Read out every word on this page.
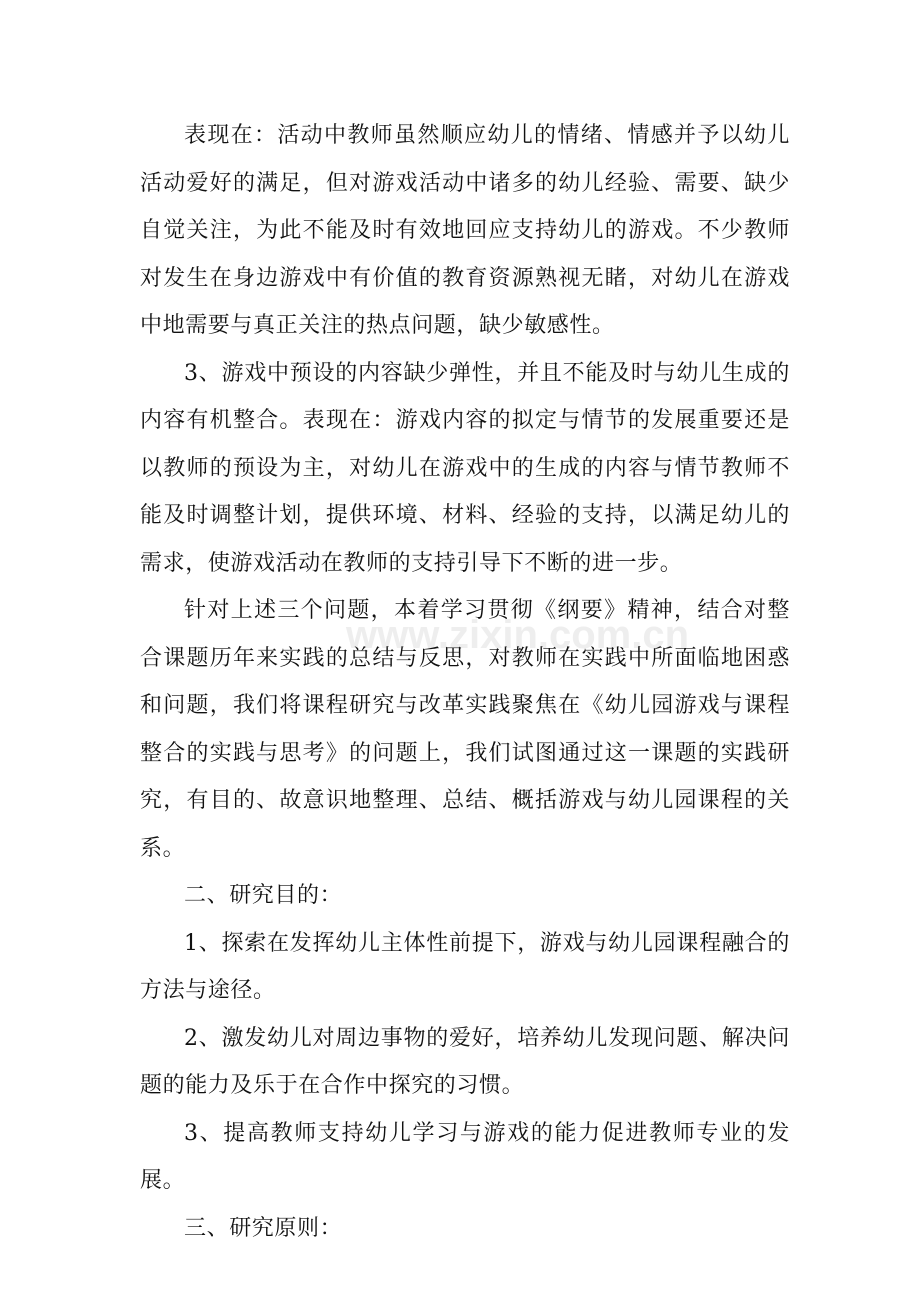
表现在：活动中教师虽然顺应幼儿的情绪、情感并予以幼儿活动爱好的满足，但对游戏活动中诸多的幼儿经验、需要、缺少自觉关注，为此不能及时有效地回应支持幼儿的游戏。不少教师对发生在身边游戏中有价值的教育资源熟视无睹，对幼儿在游戏中地需要与真正关注的热点问题，缺少敏感性。

3、游戏中预设的内容缺少弹性，并且不能及时与幼儿生成的内容有机整合。表现在：游戏内容的拟定与情节的发展重要还是以教师的预设为主，对幼儿在游戏中的生成的内容与情节教师不能及时调整计划，提供环境、材料、经验的支持，以满足幼儿的需求，使游戏活动在教师的支持引导下不断的进一步。

针对上述三个问题，本着学习贯彻《纲要》精神，结合对整合课题历年来实践的总结与反思，对教师在实践中所面临地困惑和问题，我们将课程研究与改革实践聚焦在《幼儿园游戏与课程整合的实践与思考》的问题上，我们试图通过这一课题的实践研究，有目的、故意识地整理、总结、概括游戏与幼儿园课程的关系。

二、研究目的：

1、探索在发挥幼儿主体性前提下，游戏与幼儿园课程融合的方法与途径。

2、激发幼儿对周边事物的爱好，培养幼儿发现问题、解决问题的能力及乐于在合作中探究的习惯。

3、提高教师支持幼儿学习与游戏的能力促进教师专业的发展。

三、研究原则：

www.zixin.com.cn
